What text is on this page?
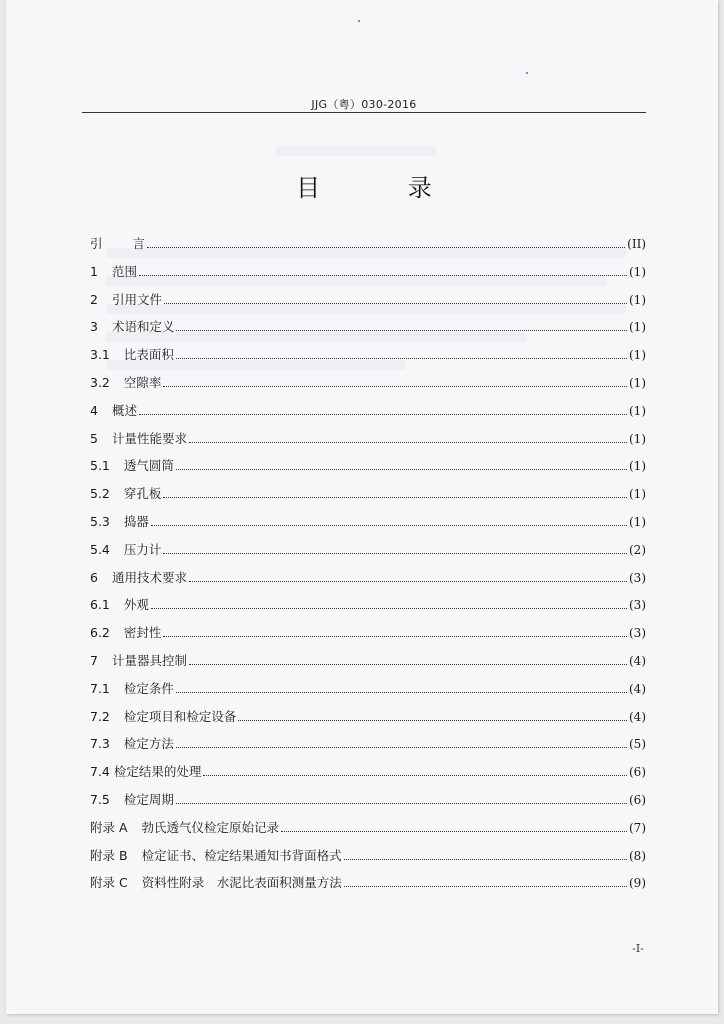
JJG（粤）030-2016
目 录
引 言	(II)
1 范围	(1)
2 引用文件	(1)
3 术语和定义	(1)
3.1 比表面积	(1)
3.2 空隙率	(1)
4 概述	(1)
5 计量性能要求	(1)
5.1 透气圆筒	(1)
5.2 穿孔板	(1)
5.3 捣器	(1)
5.4 压力计	(2)
6 通用技术要求	(3)
6.1 外观	(3)
6.2 密封性	(3)
7 计量器具控制	(4)
7.1 检定条件	(4)
7.2 检定项目和检定设备	(4)
7.3 检定方法	(5)
7.4 检定结果的处理	(6)
7.5 检定周期	(6)
附录 A 勃氏透气仪检定原始记录	(7)
附录 B 检定证书、检定结果通知书背面格式	(8)
附录 C 资料性附录　水泥比表面积测量方法	(9)
-I-
